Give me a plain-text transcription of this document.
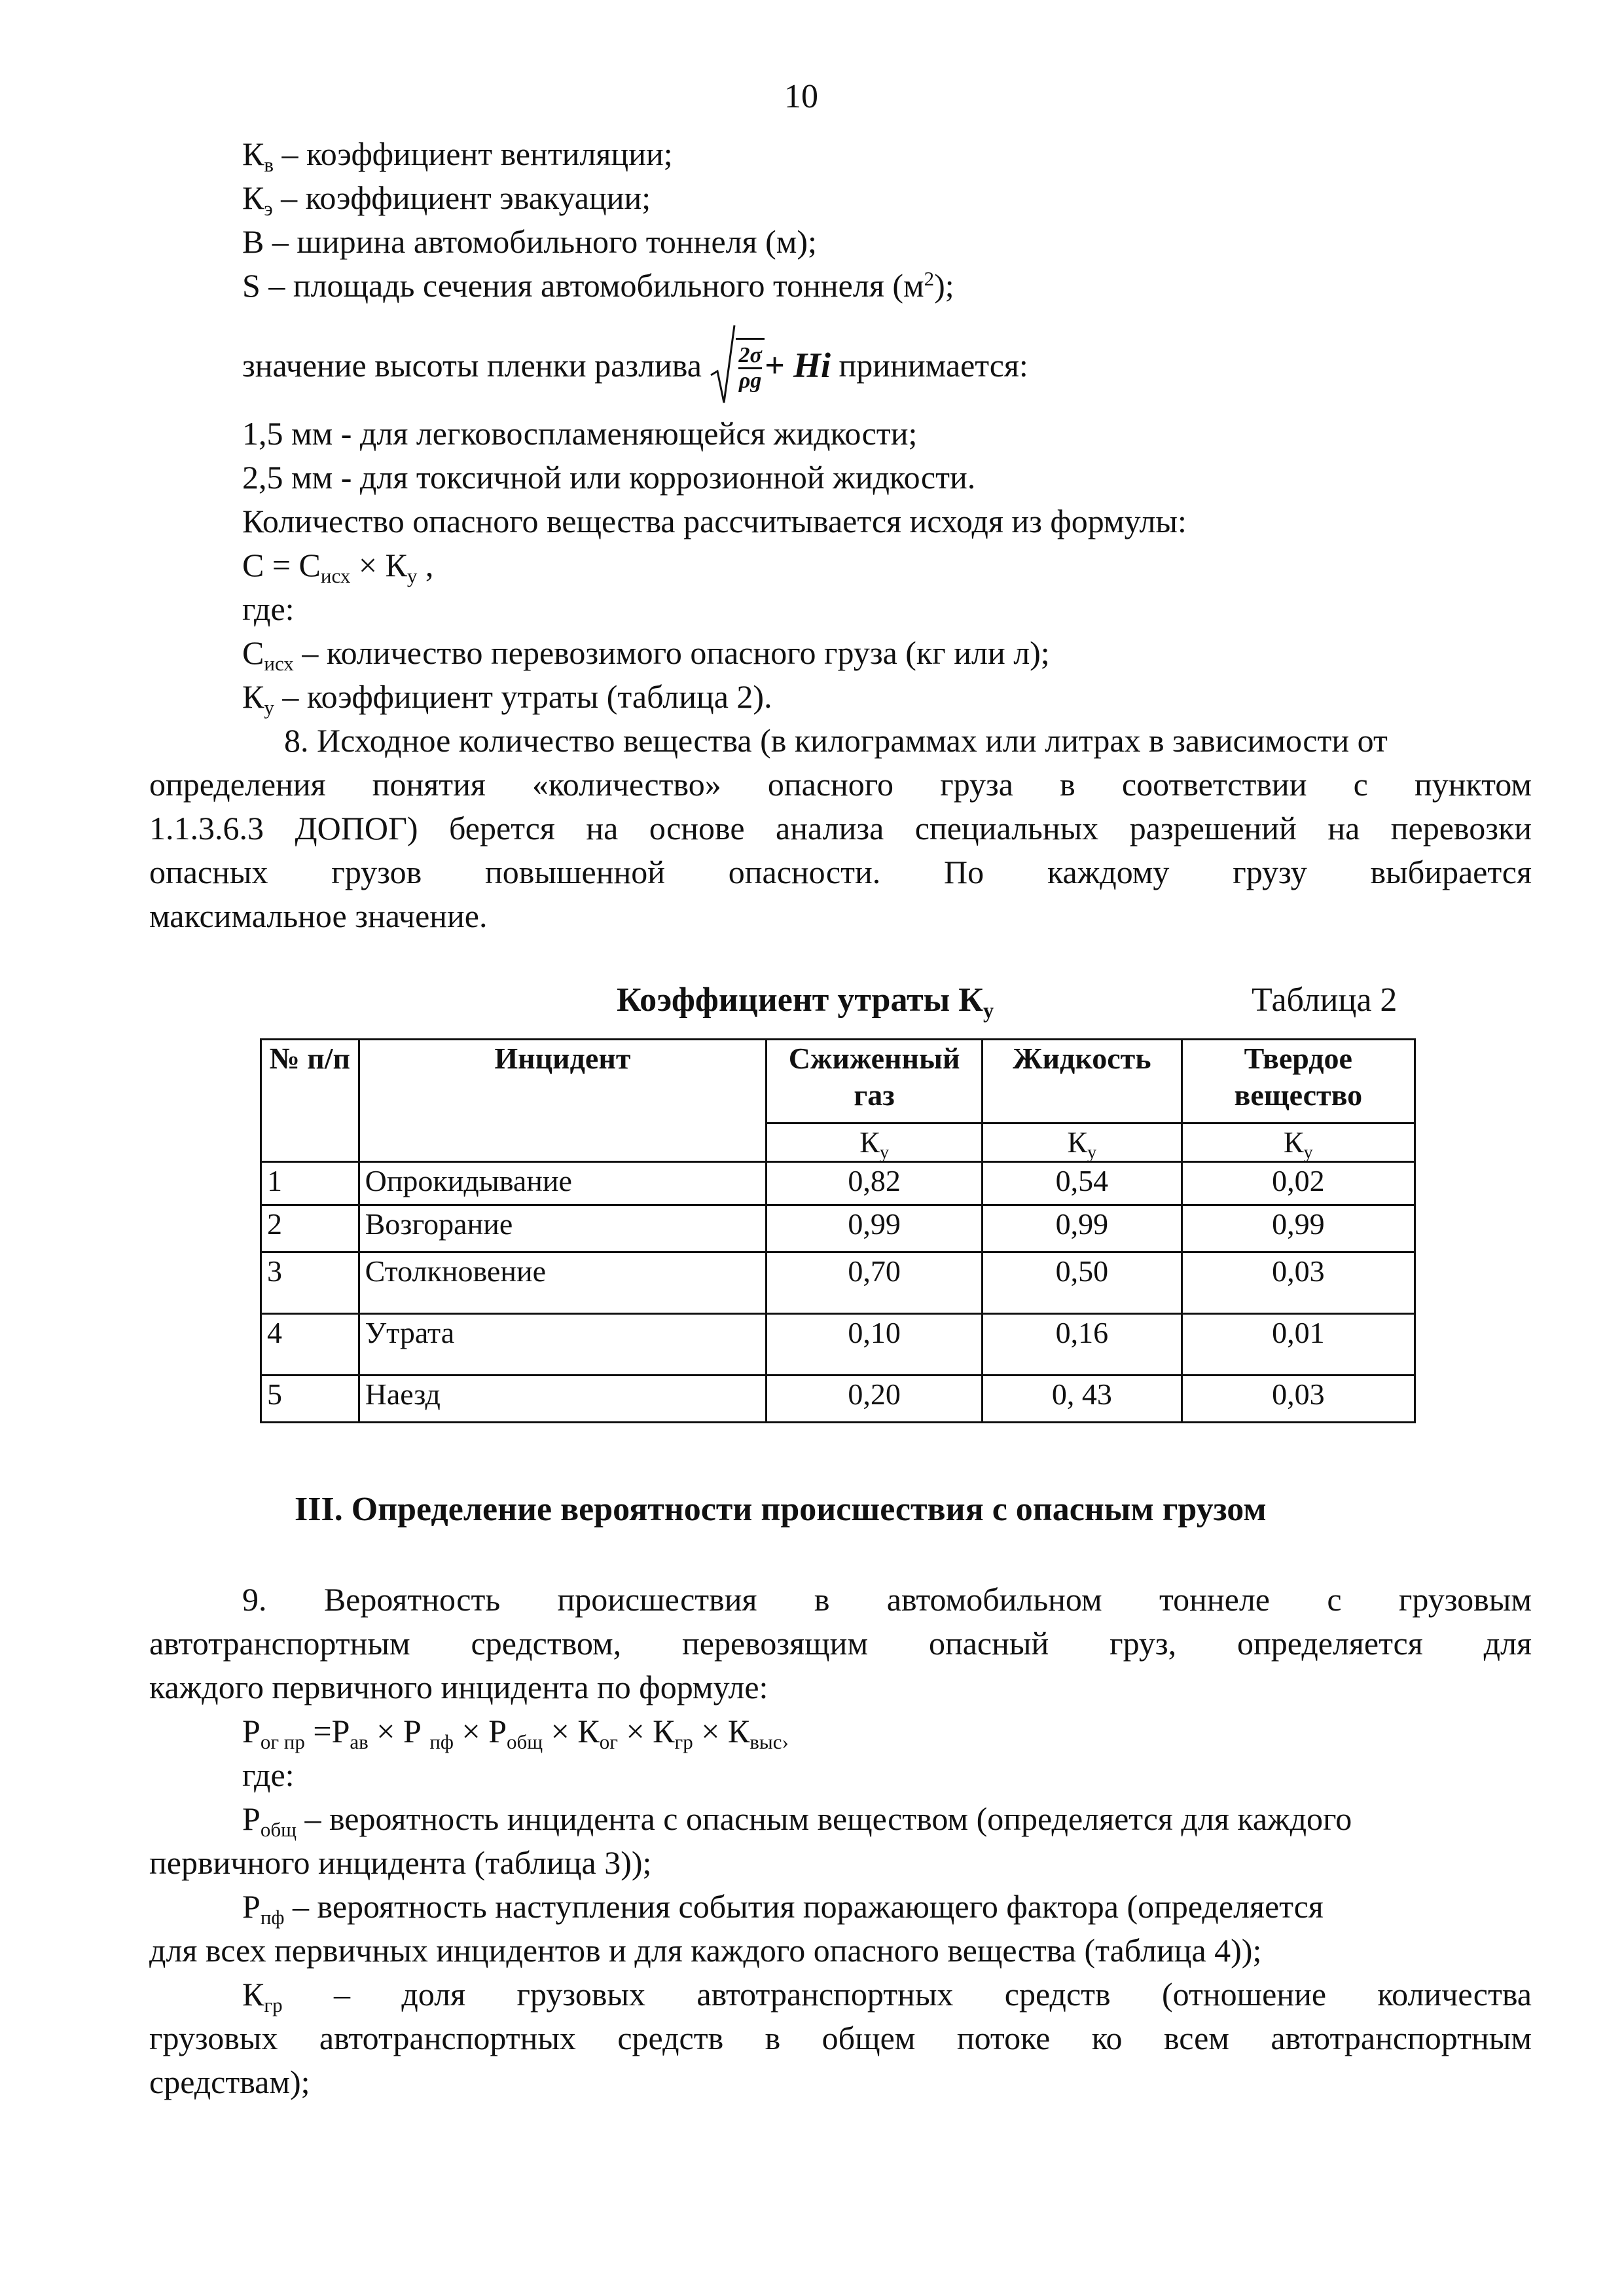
10
$К_в$ – коэффициент вентиляции;
$К_э$ – коэффициент эвакуации;
В – ширина автомобильного тоннеля (м);
S – площадь сечения автомобильного тоннеля $(м^2)$;
значение высоты пленки разлива
$\frac{2\sigma}{\rho g} + Hi$
принимается:
1,5 мм - для легковоспламеняющейся жидкости;
2,5 мм - для токсичной или коррозионной жидкости.
Количество опасного вещества рассчитывается исходя из формулы:
$С = С_{исх} \times К_у$ ,
где:
$С_{исх}$ – количество перевозимого опасного груза (кг или л);
$К_у$ – коэффициент утраты (таблица 2).
8. Исходное количество вещества (в килограммах или литрах в зависимости от
определения понятия «количество» опасного груза в соответствии с пунктом
1.1.3.6.3 ДОПОГ) берется на основе анализа специальных разрешений на перевозки
опасных грузов повышенной опасности. По каждому грузу выбирается
максимальное значение.
Коэффициент утраты $К_у$	Таблица 2
№ п/п	Инцидент	Сжиженный газ	Жидкость	Твердое вещество
		$К_у$	$К_у$	$К_у$
1	Опрокидывание	0,82	0,54	0,02
2	Возгорание	0,99	0,99	0,99
3	Столкновение	0,70	0,50	0,03
4	Утрата	0,10	0,16	0,01
5	Наезд	0,20	0, 43	0,03
III. Определение вероятности происшествия с опасным грузом
9. Вероятность происшествия в автомобильном тоннеле с грузовым
автотранспортным средством, перевозящим опасный груз, определяется для
каждого первичного инцидента по формуле:
$Р_{ог пр} =Р_{ав} \times Р$ $_{пф} \times Р_{общ} \times К_{ог} \times К_{гр} \times К_{выс›}$
где:
$Р_{общ}$ – вероятность инцидента с опасным веществом (определяется для каждого
первичного инцидента (таблица 3));
$Р_{пф}$ – вероятность наступления события поражающего фактора (определяется
для всех первичных инцидентов и для каждого опасного вещества (таблица 4));
$К_{гр}$ – доля грузовых автотранспортных средств (отношение количества
грузовых автотранспортных средств в общем потоке ко всем автотранспортным
средствам);
